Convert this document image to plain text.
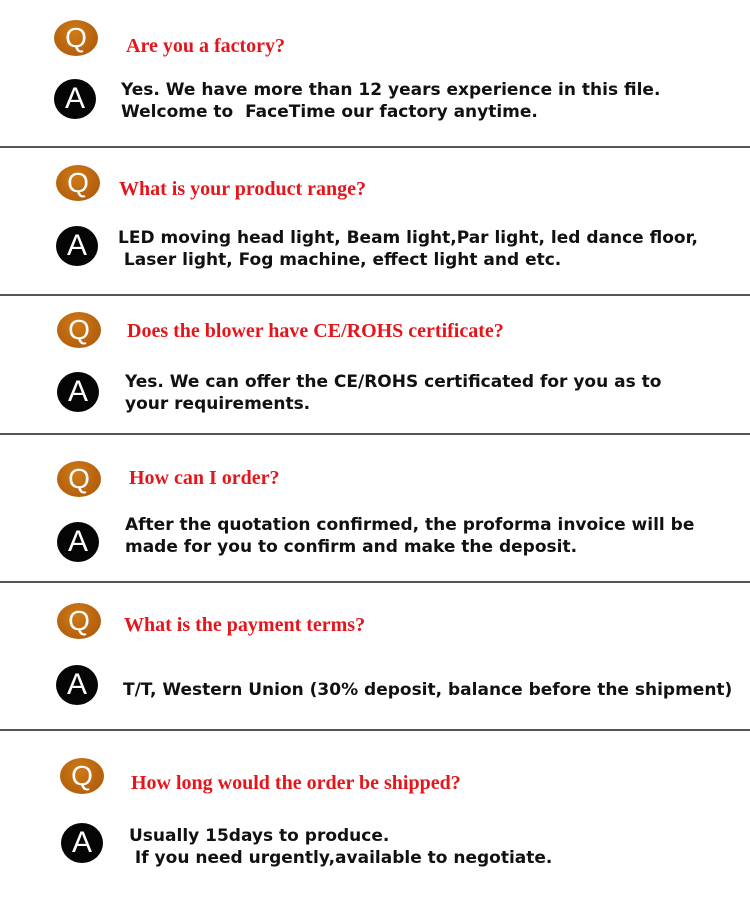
Q	Are you a factory?
A	Yes. We have more than 12 years experience in this file.
Welcome to  FaceTime our factory anytime.
Q	What is your product range?
A	LED moving head light, Beam light,Par light, led dance floor,
Laser light, Fog machine, effect light and etc.
Q	Does the blower have CE/ROHS certificate?
A	Yes. We can offer the CE/ROHS certificated for you as to
your requirements.
Q	How can I order?
A	After the quotation confirmed, the proforma invoice will be
made for you to confirm and make the deposit.
Q	What is the payment terms?
A	T/T, Western Union (30% deposit, balance before the shipment)
Q	How long would the order be shipped?
A	Usually 15days to produce.
If you need urgently,available to negotiate.
